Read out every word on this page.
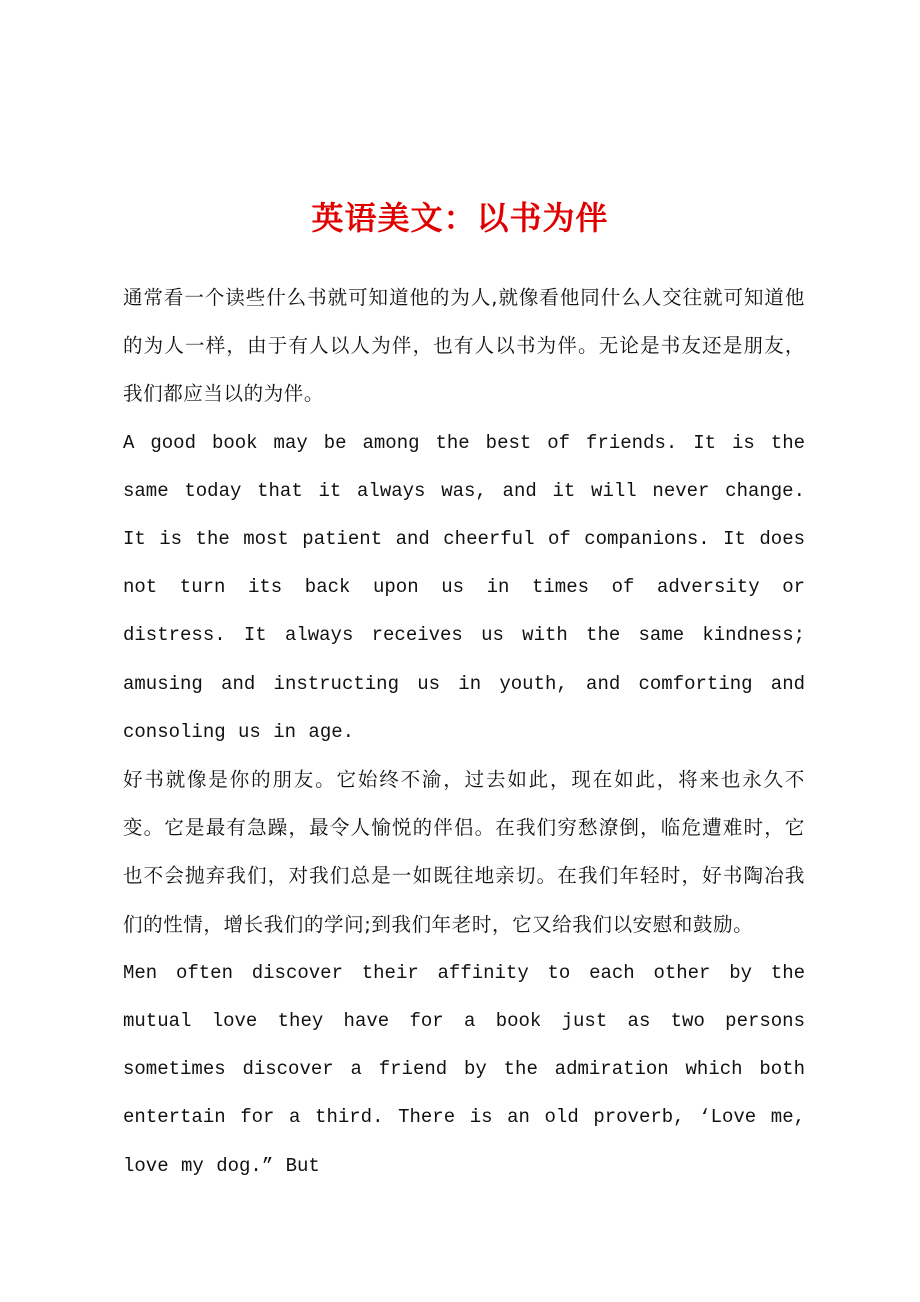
英语美文：以书为伴

通常看一个读些什么书就可知道他的为人,就像看他同什么人交往就可知道他的为人一样，由于有人以人为伴，也有人以书为伴。无论是书友还是朋友，我们都应当以的为伴。

A good book may be among the best of friends. It is the same today that it always was, and it will never change. It is the most patient and cheerful of companions. It does not turn its back upon us in times of adversity or distress. It always receives us with the same kindness; amusing and instructing us in youth, and comforting and consoling us in age.

好书就像是你的朋友。它始终不渝，过去如此，现在如此，将来也永久不变。它是最有急躁，最令人愉悦的伴侣。在我们穷愁潦倒，临危遭难时，它也不会抛弃我们，对我们总是一如既往地亲切。在我们年轻时，好书陶冶我们的性情，增长我们的学问;到我们年老时，它又给我们以安慰和鼓励。

Men often discover their affinity to each other by the mutual love they have for a book just as two persons sometimes discover a friend by the admiration which both entertain for a third. There is an old proverb, ‘Love me, love my dog.” But
